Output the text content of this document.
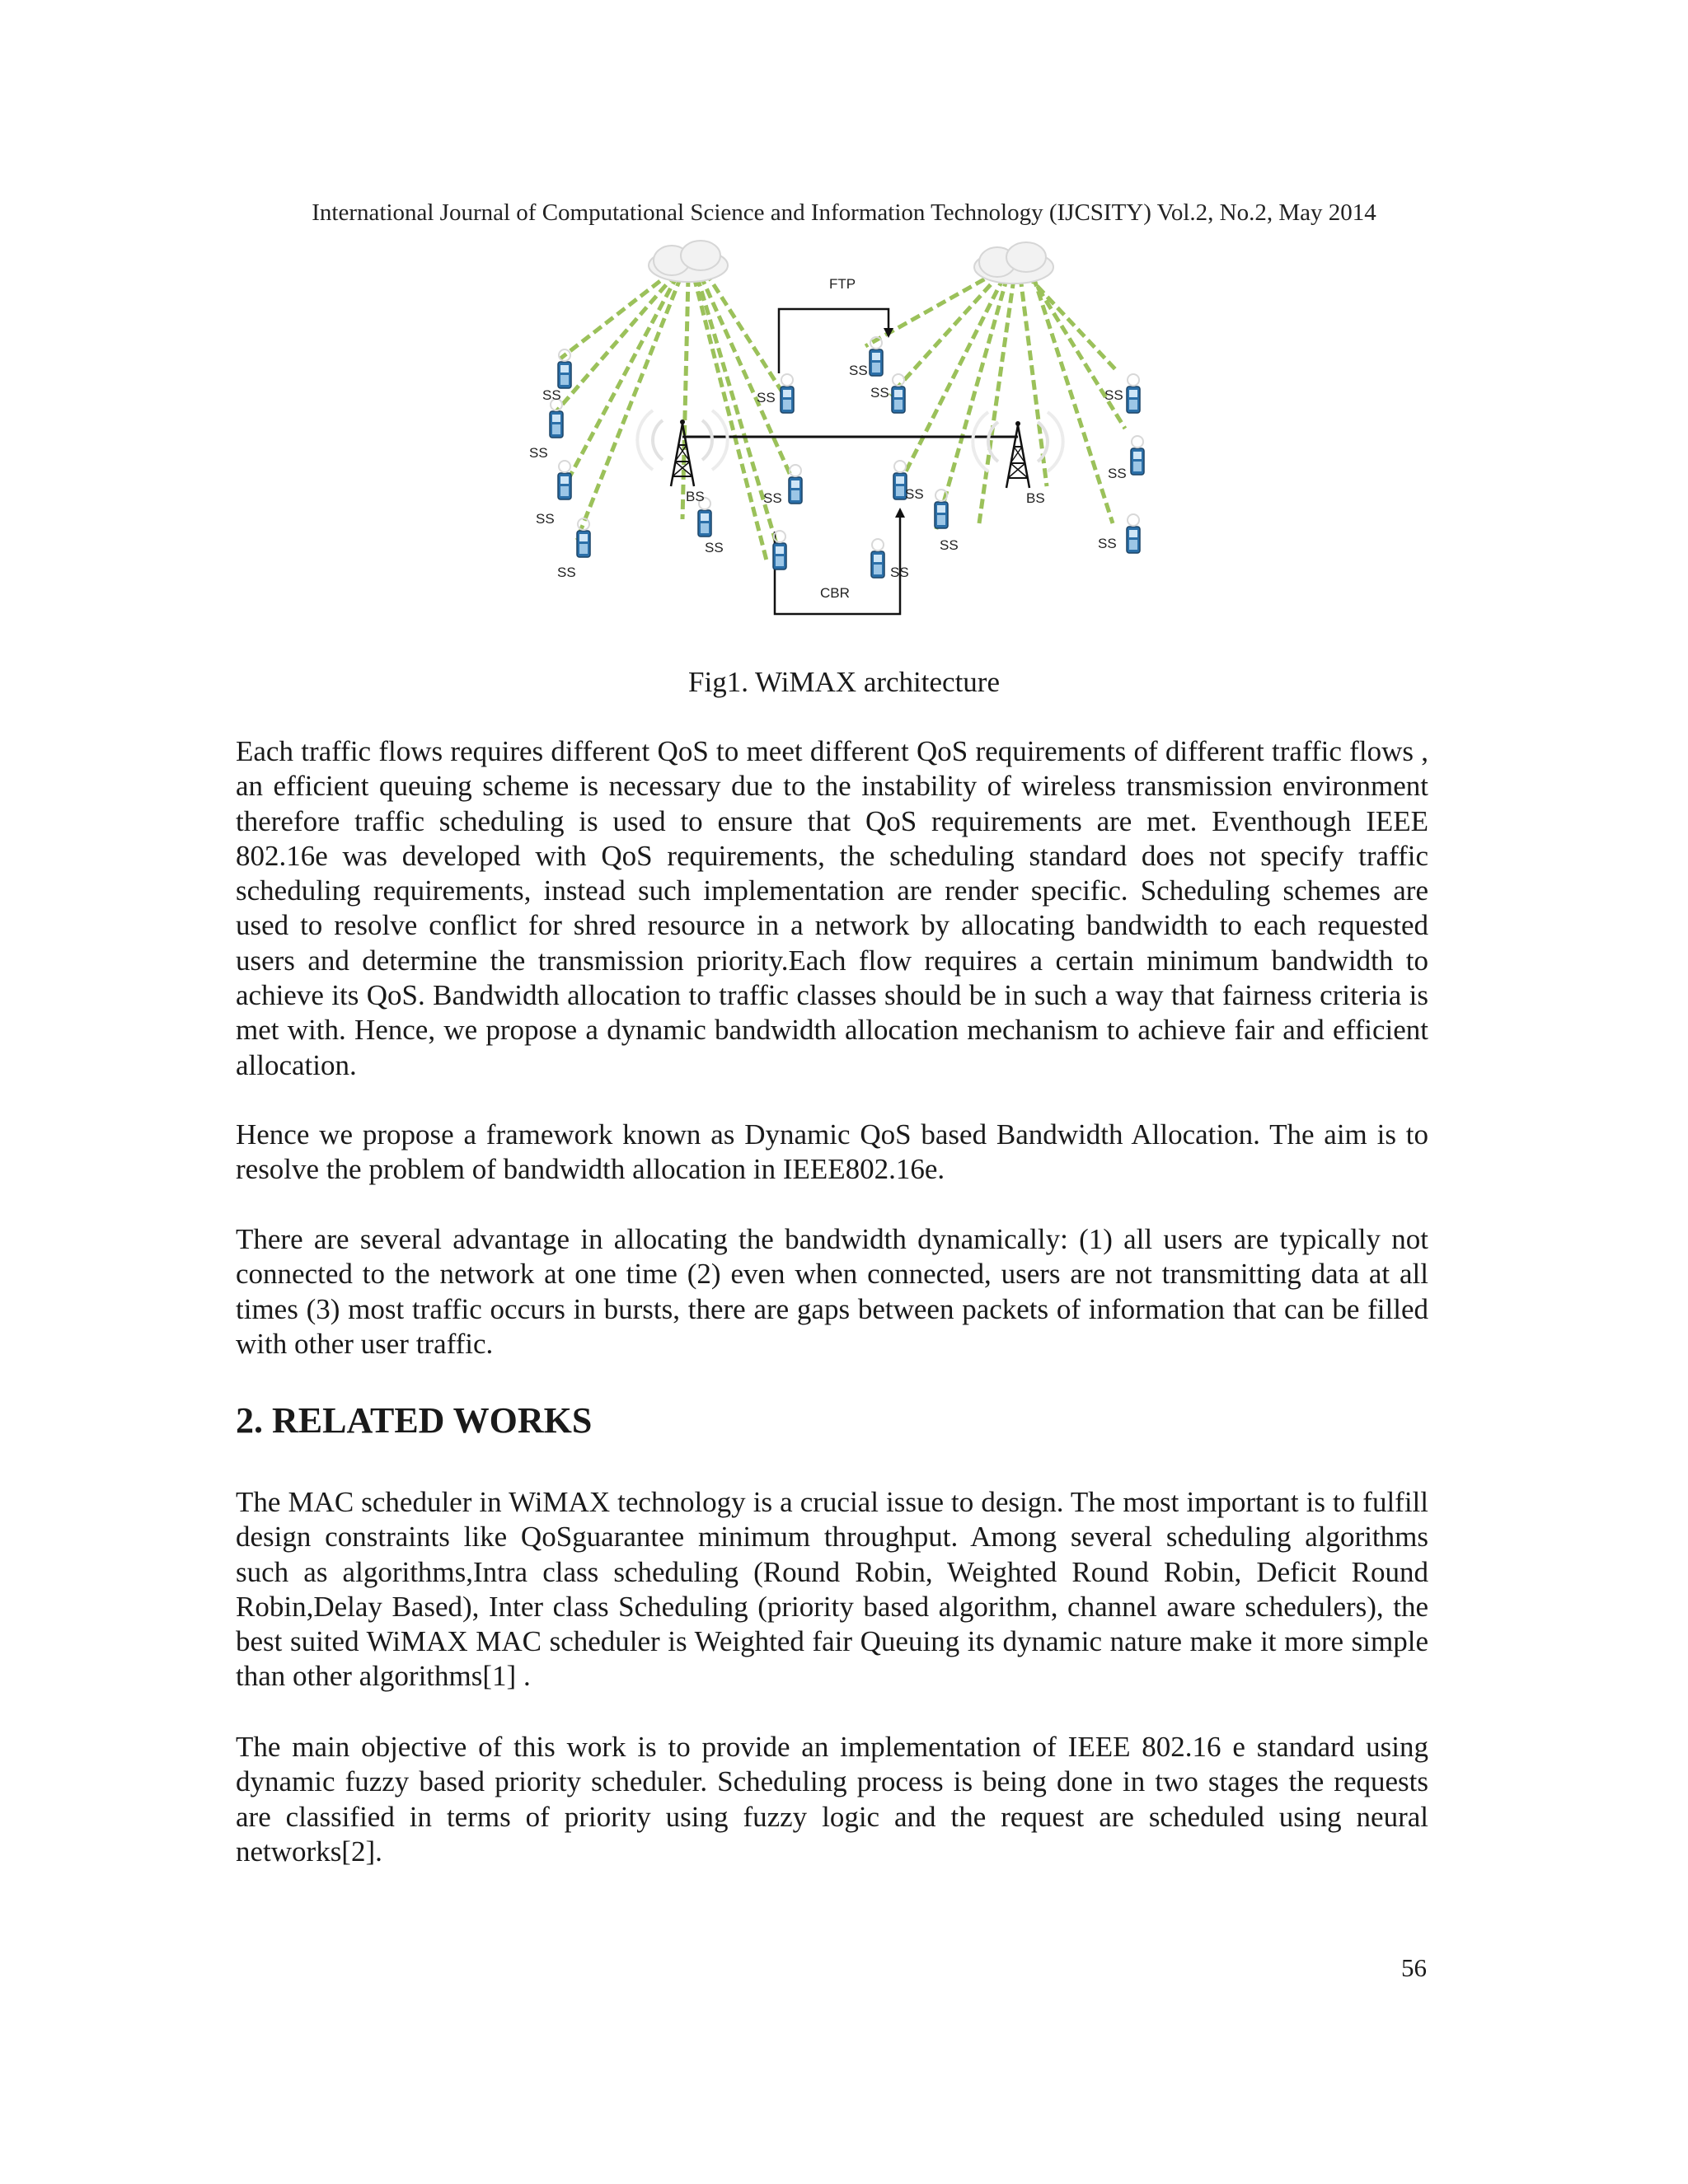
International Journal of Computational Science and Information Technology (IJCSITY) Vol.2, No.2, May 2014
FTP
CBR
BS	BS
SS
SS
SS
SS
SS
SS
SS
SS
SS
SS
SS
SS
SS
SS
SS
Fig1. WiMAX architecture

Each traffic flows requires different QoS to meet different QoS requirements of different traffic flows , an efficient queuing scheme is necessary due to the instability of wireless transmission environment therefore traffic scheduling is used to ensure that QoS requirements are met. Eventhough IEEE 802.16e was developed with QoS requirements, the scheduling standard does not specify traffic scheduling requirements, instead such implementation are render specific. Scheduling schemes are used to resolve conflict for shred resource in a network by allocating bandwidth to each requested users and determine the transmission priority.Each flow requires a certain minimum bandwidth to achieve its QoS. Bandwidth allocation to traffic classes should be in such a way that fairness criteria is met with. Hence, we propose a dynamic bandwidth allocation mechanism to achieve fair and efficient allocation.

Hence we propose a framework known as Dynamic QoS based Bandwidth Allocation. The aim is to resolve the problem of bandwidth allocation in IEEE802.16e.

There are several advantage in allocating the bandwidth dynamically: (1) all users are typically not connected to the network at one time (2) even when connected, users are not transmitting data at all times (3) most traffic occurs in bursts, there are gaps between packets of information that can be filled with other user traffic.

2. RELATED WORKS

The MAC scheduler in WiMAX technology is a crucial issue to design. The most important is to fulfill design constraints like QoSguarantee minimum throughput. Among several scheduling algorithms such as algorithms,Intra class scheduling (Round Robin, Weighted Round Robin, Deficit Round Robin,Delay Based), Inter class Scheduling (priority based algorithm, channel aware schedulers), the best suited WiMAX MAC scheduler is Weighted fair Queuing its dynamic nature make it more simple than other algorithms[1] .

The main objective of this work is to provide an implementation of IEEE 802.16 e standard using dynamic fuzzy based priority scheduler. Scheduling process is being done in two stages the requests are classified in terms of priority using fuzzy logic and the request are scheduled using neural networks[2].

56
